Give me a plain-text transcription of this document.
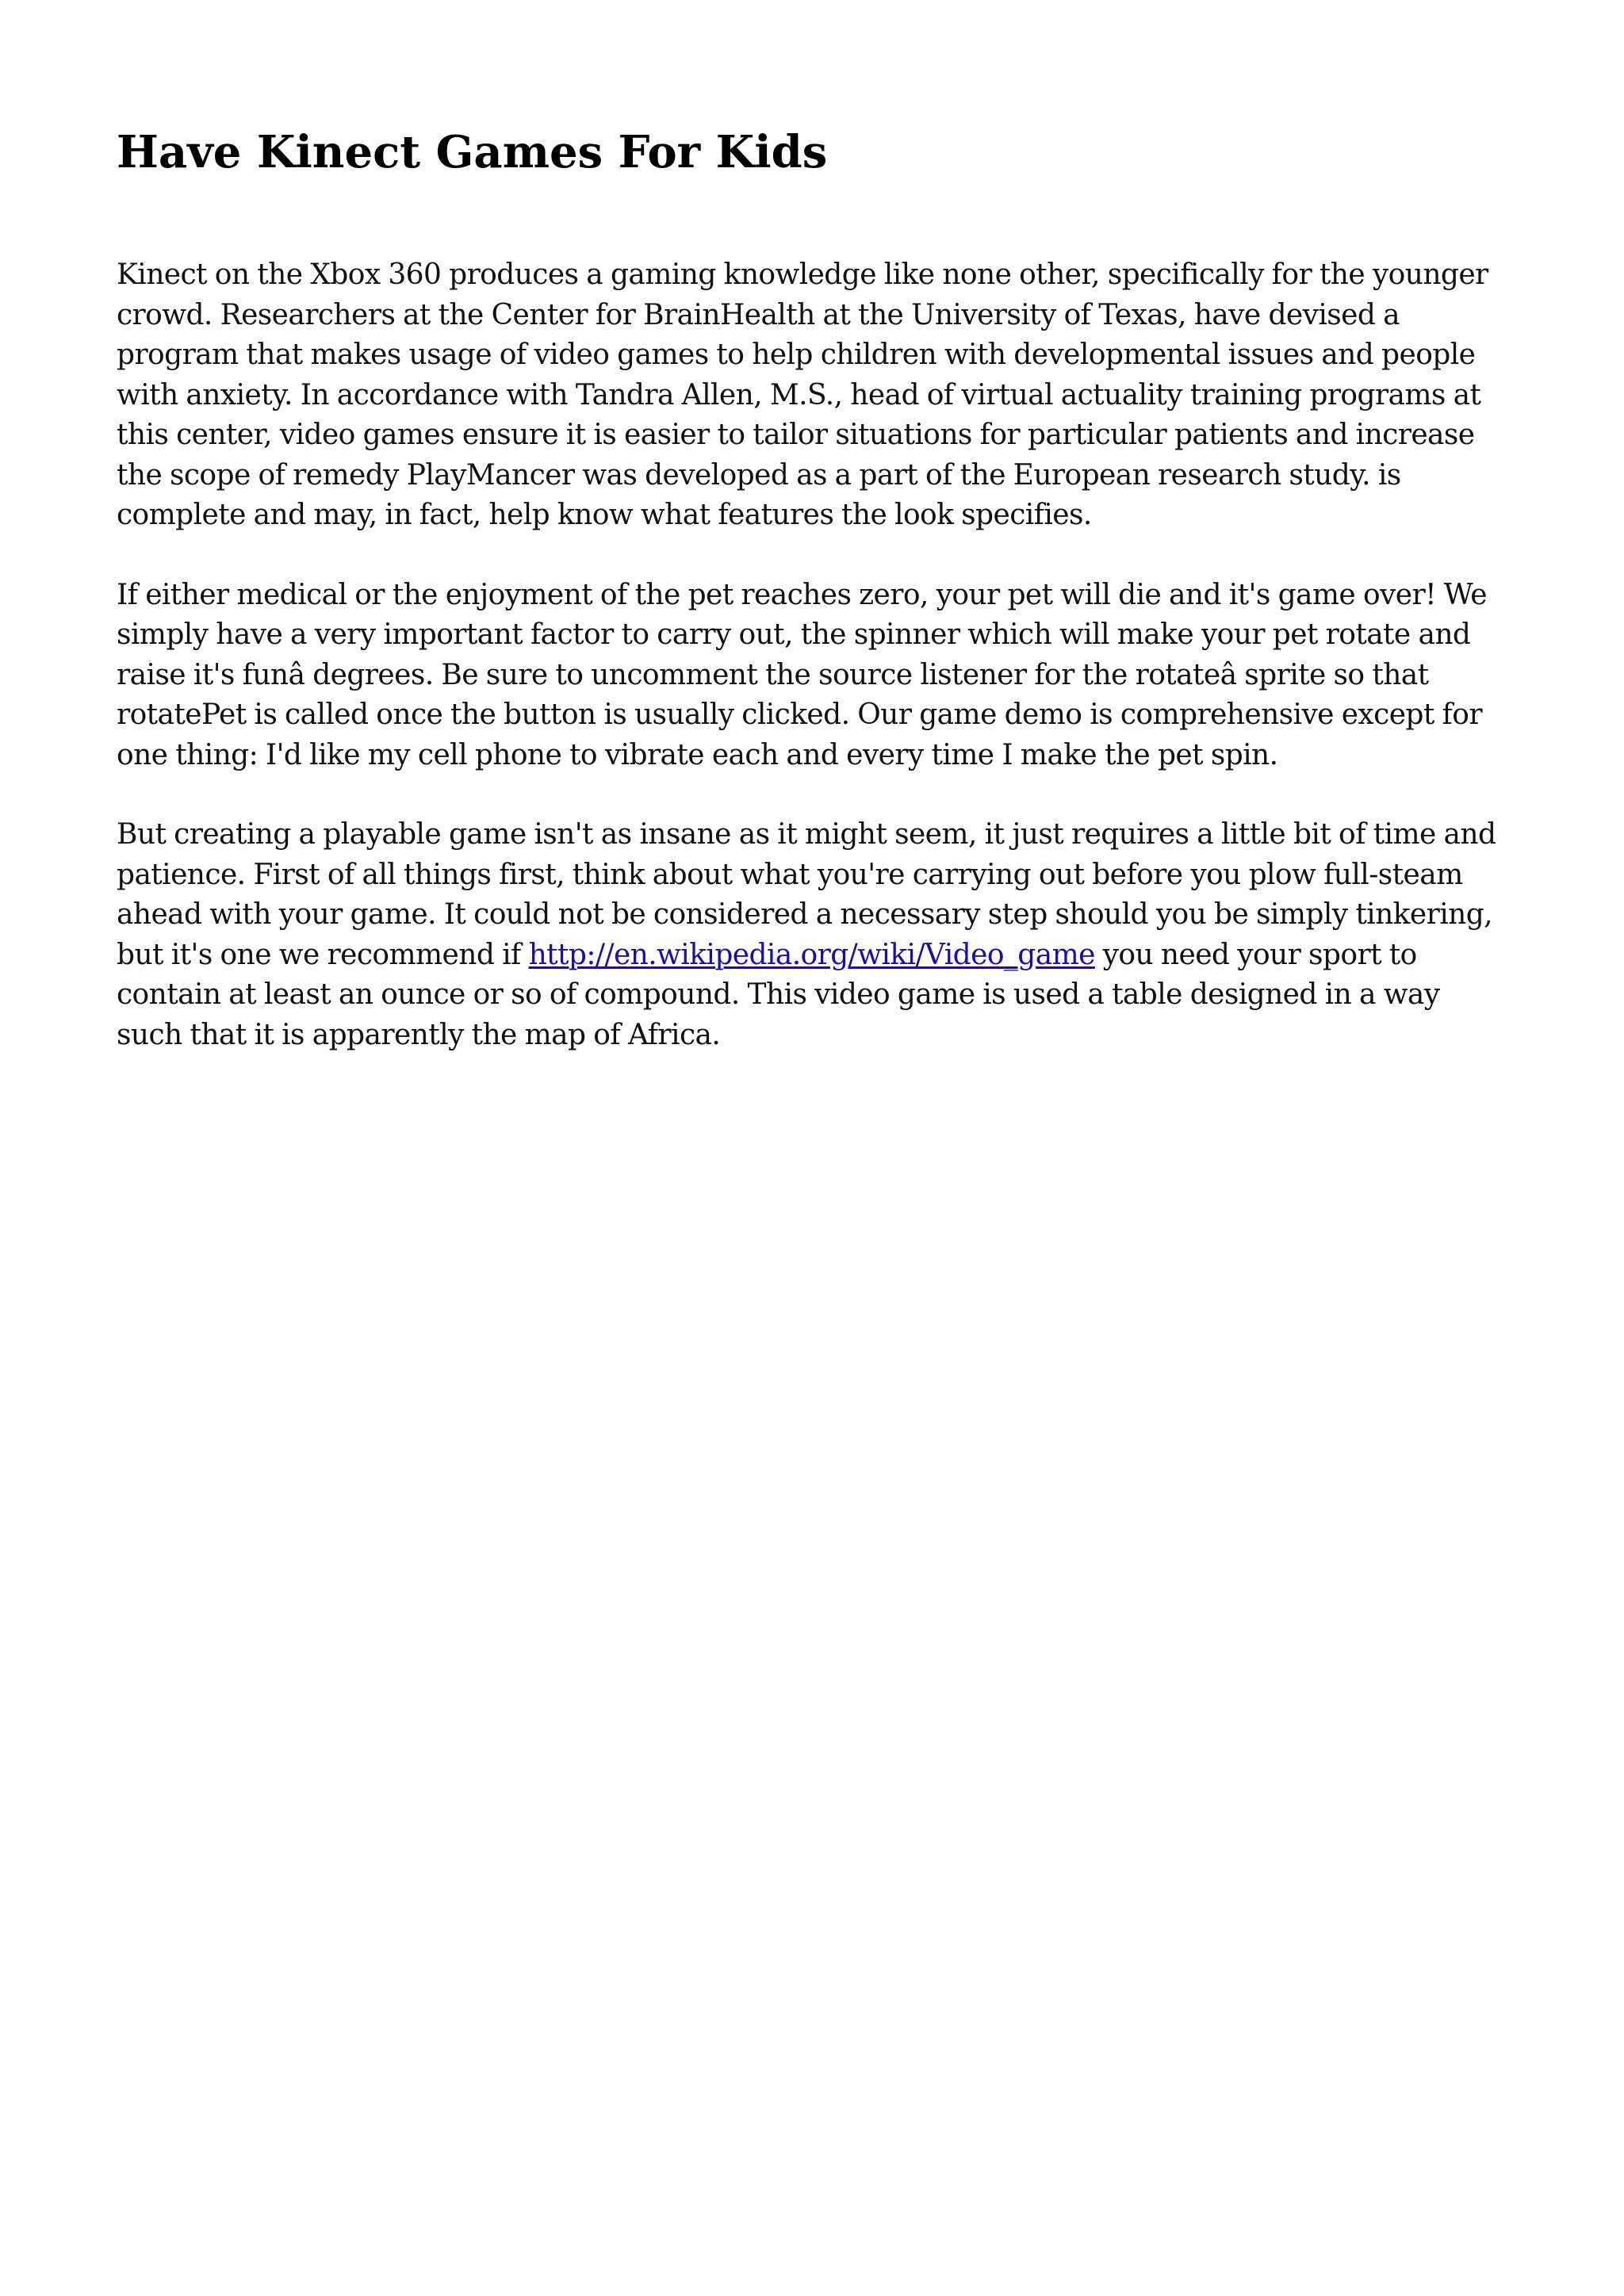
Have Kinect Games For Kids

Kinect on the Xbox 360 produces a gaming knowledge like none other, specifically for the younger crowd. Researchers at the Center for BrainHealth at the University of Texas, have devised a program that makes usage of video games to help children with developmental issues and people with anxiety. In accordance with Tandra Allen, M.S., head of virtual actuality training programs at this center, video games ensure it is easier to tailor situations for particular patients and increase the scope of remedy PlayMancer was developed as a part of the European research study. is complete and may, in fact, help know what features the look specifies.

If either medical or the enjoyment of the pet reaches zero, your pet will die and it's game over! We simply have a very important factor to carry out, the spinner which will make your pet rotate and raise it's funâ degrees. Be sure to uncomment the source listener for the rotateâ sprite so that rotatePet is called once the button is usually clicked. Our game demo is comprehensive except for one thing: I'd like my cell phone to vibrate each and every time I make the pet spin.

But creating a playable game isn't as insane as it might seem, it just requires a little bit of time and patience. First of all things first, think about what you're carrying out before you plow full-steam ahead with your game. It could not be considered a necessary step should you be simply tinkering, but it's one we recommend if http://en.wikipedia.org/wiki/Video_game you need your sport to contain at least an ounce or so of compound. This video game is used a table designed in a way such that it is apparently the map of Africa.
